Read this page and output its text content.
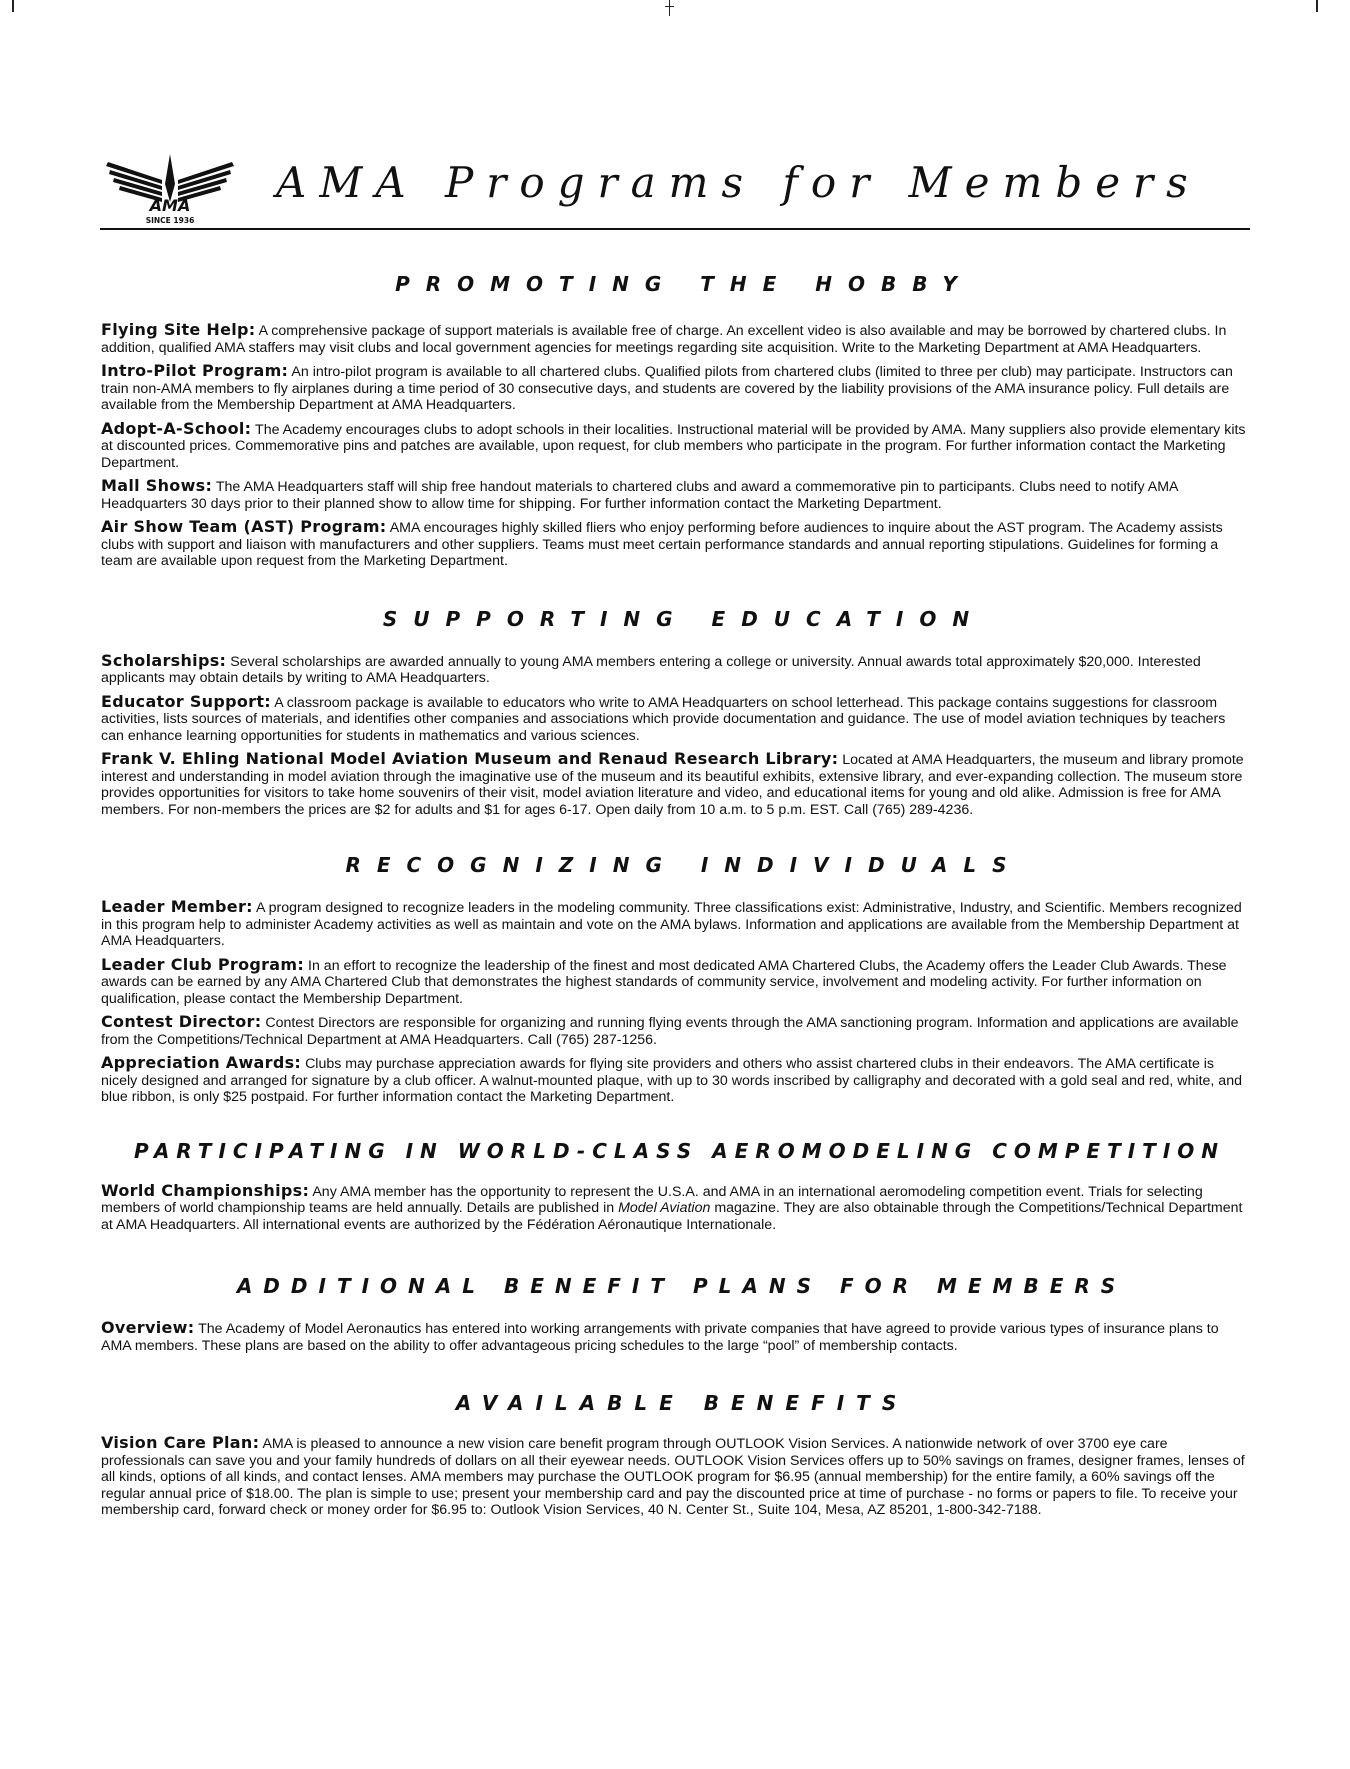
AMA
SINCE 1936
AMA Programs for Members
PROMOTING THE HOBBY

Flying Site Help: A comprehensive package of support materials is available free of charge. An excellent video is also available and may be borrowed by chartered clubs. In addition, qualified AMA staffers may visit clubs and local government agencies for meetings regarding site acquisition. Write to the Marketing Department at AMA Headquarters.

Intro-Pilot Program: An intro-pilot program is available to all chartered clubs. Qualified pilots from chartered clubs (limited to three per club) may participate. Instructors can train non-AMA members to fly airplanes during a time period of 30 consecutive days, and students are covered by the liability provisions of the AMA insurance policy. Full details are available from the Membership Department at AMA Headquarters.

Adopt-A-School: The Academy encourages clubs to adopt schools in their localities. Instructional material will be provided by AMA. Many suppliers also provide elementary kits at discounted prices. Commemorative pins and patches are available, upon request, for club members who participate in the program. For further information contact the Marketing Department.

Mall Shows: The AMA Headquarters staff will ship free handout materials to chartered clubs and award a commemorative pin to participants. Clubs need to notify AMA Headquarters 30 days prior to their planned show to allow time for shipping. For further information contact the Marketing Department.

Air Show Team (AST) Program: AMA encourages highly skilled fliers who enjoy performing before audiences to inquire about the AST program. The Academy assists clubs with support and liaison with manufacturers and other suppliers. Teams must meet certain performance standards and annual reporting stipulations. Guidelines for forming a team are available upon request from the Marketing Department.

SUPPORTING EDUCATION

Scholarships: Several scholarships are awarded annually to young AMA members entering a college or university. Annual awards total approximately $20,000. Interested applicants may obtain details by writing to AMA Headquarters.

Educator Support: A classroom package is available to educators who write to AMA Headquarters on school letterhead. This package contains suggestions for classroom activities, lists sources of materials, and identifies other companies and associations which provide documentation and guidance. The use of model aviation techniques by teachers can enhance learning opportunities for students in mathematics and various sciences.

Frank V. Ehling National Model Aviation Museum and Renaud Research Library: Located at AMA Headquarters, the museum and library promote interest and understanding in model aviation through the imaginative use of the museum and its beautiful exhibits, extensive library, and ever-expanding collection. The museum store provides opportunities for visitors to take home souvenirs of their visit, model aviation literature and video, and educational items for young and old alike. Admission is free for AMA members. For non-members the prices are $2 for adults and $1 for ages 6-17. Open daily from 10 a.m. to 5 p.m. EST. Call (765) 289-4236.

RECOGNIZING INDIVIDUALS

Leader Member: A program designed to recognize leaders in the modeling community. Three classifications exist: Administrative, Industry, and Scientific. Members recognized in this program help to administer Academy activities as well as maintain and vote on the AMA bylaws. Information and applications are available from the Membership Department at AMA Headquarters.

Leader Club Program: In an effort to recognize the leadership of the finest and most dedicated AMA Chartered Clubs, the Academy offers the Leader Club Awards. These awards can be earned by any AMA Chartered Club that demonstrates the highest standards of community service, involvement and modeling activity. For further information on qualification, please contact the Membership Department.

Contest Director: Contest Directors are responsible for organizing and running flying events through the AMA sanctioning program. Information and applications are available from the Competitions/Technical Department at AMA Headquarters. Call (765) 287-1256.

Appreciation Awards: Clubs may purchase appreciation awards for flying site providers and others who assist chartered clubs in their endeavors. The AMA certificate is nicely designed and arranged for signature by a club officer. A walnut-mounted plaque, with up to 30 words inscribed by calligraphy and decorated with a gold seal and red, white, and blue ribbon, is only $25 postpaid. For further information contact the Marketing Department.

PARTICIPATING IN WORLD-CLASS AEROMODELING COMPETITION

World Championships: Any AMA member has the opportunity to represent the U.S.A. and AMA in an international aeromodeling competition event. Trials for selecting members of world championship teams are held annually. Details are published in Model Aviation magazine. They are also obtainable through the Competitions/Technical Department at AMA Headquarters. All international events are authorized by the Fédération Aéronautique Internationale.

ADDITIONAL BENEFIT PLANS FOR MEMBERS

Overview: The Academy of Model Aeronautics has entered into working arrangements with private companies that have agreed to provide various types of insurance plans to AMA members. These plans are based on the ability to offer advantageous pricing schedules to the large “pool” of membership contacts.

AVAILABLE BENEFITS

Vision Care Plan: AMA is pleased to announce a new vision care benefit program through OUTLOOK Vision Services. A nationwide network of over 3700 eye care professionals can save you and your family hundreds of dollars on all their eyewear needs. OUTLOOK Vision Services offers up to 50% savings on frames, designer frames, lenses of all kinds, options of all kinds, and contact lenses. AMA members may purchase the OUTLOOK program for $6.95 (annual membership) for the entire family, a 60% savings off the regular annual price of $18.00. The plan is simple to use; present your membership card and pay the discounted price at time of purchase - no forms or papers to file. To receive your membership card, forward check or money order for $6.95 to: Outlook Vision Services, 40 N. Center St., Suite 104, Mesa, AZ 85201, 1-800-342-7188.
